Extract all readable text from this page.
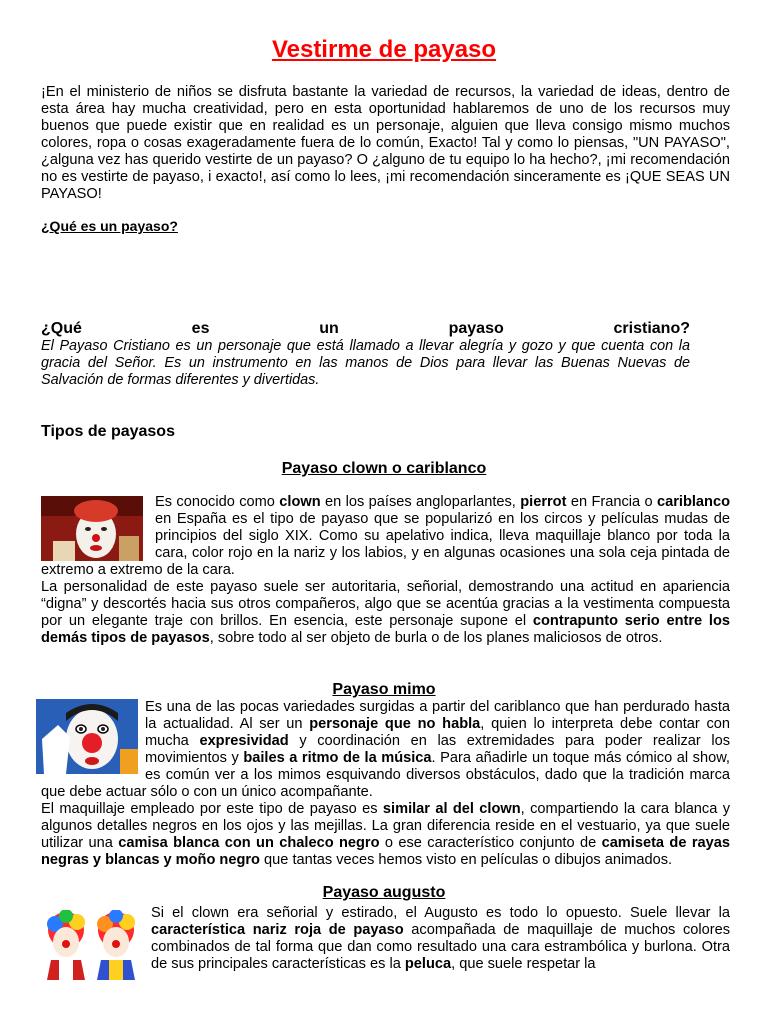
Vestirme de payaso
¡En el ministerio de niños se disfruta bastante la variedad de recursos, la variedad de ideas, dentro de esta área hay mucha creatividad, pero en esta oportunidad hablaremos de uno de los recursos muy buenos que puede existir que en realidad es un personaje, alguien que lleva consigo mismo muchos colores, ropa o cosas exageradamente fuera de lo común, Exacto! Tal y como lo piensas, "UN PAYASO", ¿alguna vez has querido vestirte de un payaso? O ¿alguno de tu equipo lo ha hecho?, ¡mi recomendación no es vestirte de payaso, i exacto!, así como lo lees, ¡mi recomendación sinceramente es ¡QUE SEAS UN PAYASO!
¿Qué es un payaso?
¿Qué es un payaso cristiano?
El Payaso Cristiano es un personaje que está llamado a llevar alegría y gozo y que cuenta con la gracia del Señor. Es un instrumento en las manos de Dios para llevar las Buenas Nuevas de Salvación de formas diferentes y divertidas.
Tipos de payasos
Payaso clown o cariblanco
Es conocido como clown en los países angloparlantes, pierrot en Francia o cariblanco en España es el tipo de payaso que se popularizó en los circos y películas mudas de principios del siglo XIX. Como su apelativo indica, lleva maquillaje blanco por toda la cara, color rojo en la nariz y los labios, y en algunas ocasiones una sola ceja pintada de extremo a extremo de la cara.
La personalidad de este payaso suele ser autoritaria, señorial, demostrando una actitud en apariencia “digna” y descortés hacia sus otros compañeros, algo que se acentúa gracias a la vestimenta compuesta por un elegante traje con brillos. En esencia, este personaje supone el contrapunto serio entre los demás tipos de payasos, sobre todo al ser objeto de burla o de los planes maliciosos de otros.
Payaso mimo
Es una de las pocas variedades surgidas a partir del cariblanco que han perdurado hasta la actualidad. Al ser un personaje que no habla, quien lo interpreta debe contar con mucha expresividad y coordinación en las extremidades para poder realizar los movimientos y bailes a ritmo de la música. Para añadirle un toque más cómico al show, es común ver a los mimos esquivando diversos obstáculos, dado que la tradición marca que debe actuar sólo o con un único acompañante.
El maquillaje empleado por este tipo de payaso es similar al del clown, compartiendo la cara blanca y algunos detalles negros en los ojos y las mejillas. La gran diferencia reside en el vestuario, ya que suele utilizar una camisa blanca con un chaleco negro o ese característico conjunto de camiseta de rayas negras y blancas y moño negro que tantas veces hemos visto en películas o dibujos animados.
Payaso augusto
Si el clown era señorial y estirado, el Augusto es todo lo opuesto. Suele llevar la característica nariz roja de payaso acompañada de maquillaje de muchos colores combinados de tal forma que dan como resultado una cara estrambólica y burlona. Otra de sus principales características es la peluca, que suele respetar la
